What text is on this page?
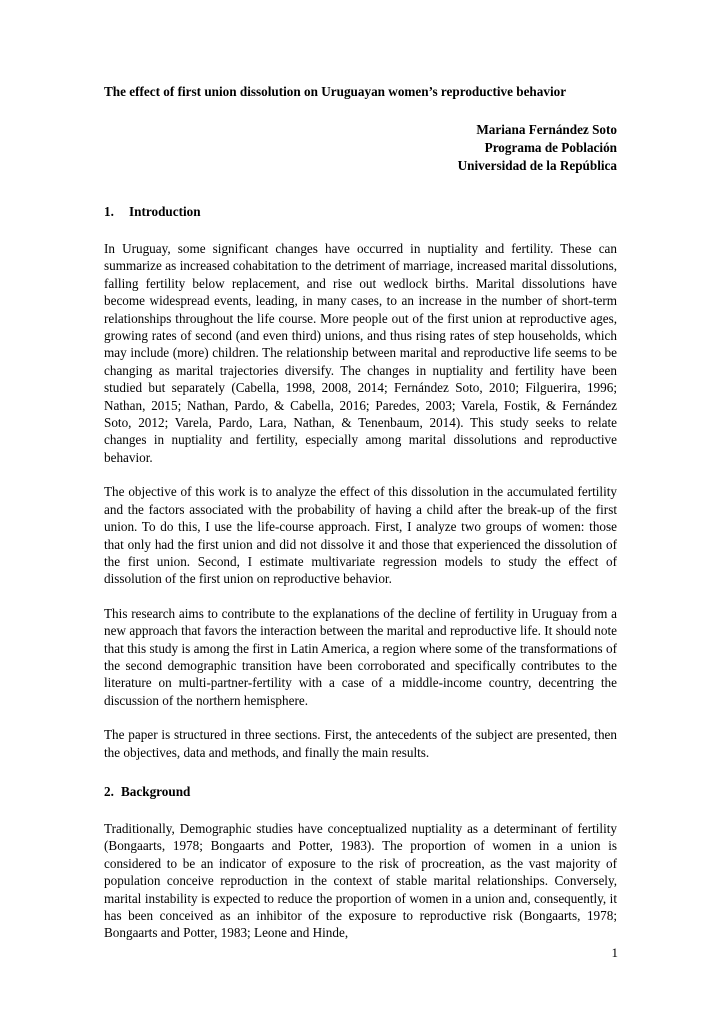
The effect of first union dissolution on Uruguayan women’s reproductive behavior
Mariana Fernández Soto
Programa de Población
Universidad de la República
1. Introduction

In Uruguay, some significant changes have occurred in nuptiality and fertility. These can summarize as increased cohabitation to the detriment of marriage, increased marital dissolutions, falling fertility below replacement, and rise out wedlock births. Marital dissolutions have become widespread events, leading, in many cases, to an increase in the number of short-term relationships throughout the life course. More people out of the first union at reproductive ages, growing rates of second (and even third) unions, and thus rising rates of step households, which may include (more) children. The relationship between marital and reproductive life seems to be changing as marital trajectories diversify. The changes in nuptiality and fertility have been studied but separately (Cabella, 1998, 2008, 2014; Fernández Soto, 2010; Filguerira, 1996; Nathan, 2015; Nathan, Pardo, & Cabella, 2016; Paredes, 2003; Varela, Fostik, & Fernández Soto, 2012; Varela, Pardo, Lara, Nathan, & Tenenbaum, 2014). This study seeks to relate changes in nuptiality and fertility, especially among marital dissolutions and reproductive behavior.

The objective of this work is to analyze the effect of this dissolution in the accumulated fertility and the factors associated with the probability of having a child after the break-up of the first union. To do this, I use the life-course approach. First, I analyze two groups of women: those that only had the first union and did not dissolve it and those that experienced the dissolution of the first union. Second, I estimate multivariate regression models to study the effect of dissolution of the first union on reproductive behavior.

This research aims to contribute to the explanations of the decline of fertility in Uruguay from a new approach that favors the interaction between the marital and reproductive life. It should note that this study is among the first in Latin America, a region where some of the transformations of the second demographic transition have been corroborated and specifically contributes to the literature on multi-partner-fertility with a case of a middle-income country, decentring the discussion of the northern hemisphere.

The paper is structured in three sections. First, the antecedents of the subject are presented, then the objectives, data and methods, and finally the main results.

2. Background

Traditionally, Demographic studies have conceptualized nuptiality as a determinant of fertility (Bongaarts, 1978; Bongaarts and Potter, 1983). The proportion of women in a union is considered to be an indicator of exposure to the risk of procreation, as the vast majority of population conceive reproduction in the context of stable marital relationships. Conversely, marital instability is expected to reduce the proportion of women in a union and, consequently, it has been conceived as an inhibitor of the exposure to reproductive risk (Bongaarts, 1978; Bongaarts and Potter, 1983; Leone and Hinde,

1
